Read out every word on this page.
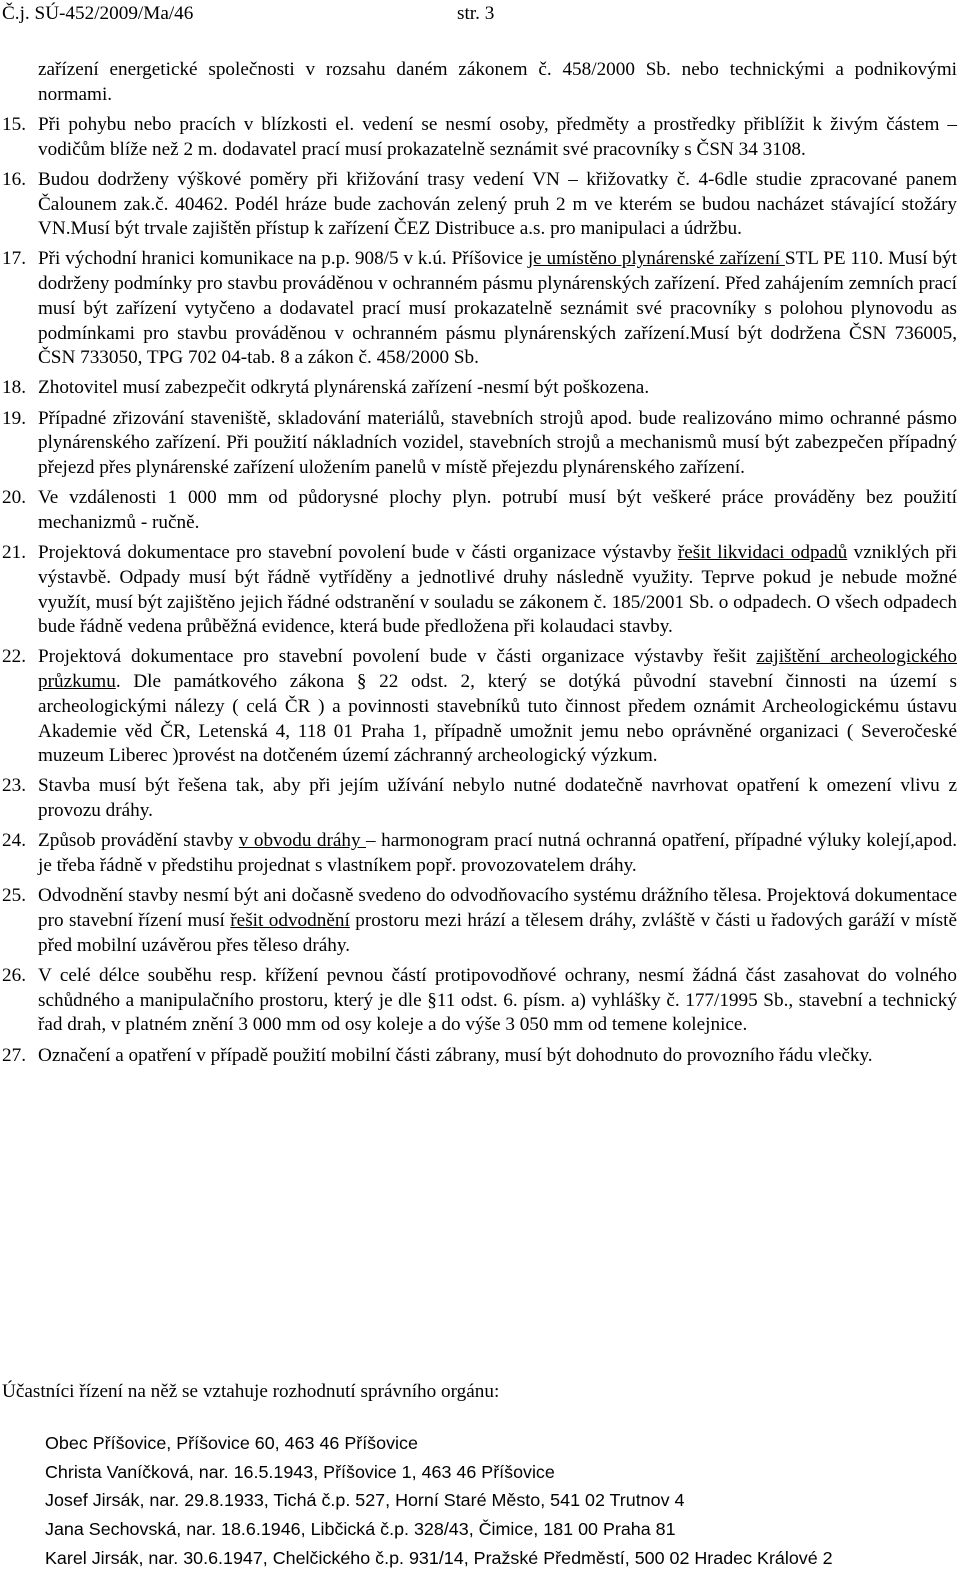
Č.j. SÚ-452/2009/Ma/46	str. 3
zařízení energetické společnosti v rozsahu daném zákonem č. 458/2000 Sb. nebo technickými a podnikovými normami.
15. Při pohybu nebo pracích v blízkosti el. vedení se nesmí osoby, předměty a prostředky přiblížit k živým částem – vodičům blíže než 2 m. dodavatel prací musí prokazatelně seznámit své pracovníky s ČSN 34 3108.
16. Budou dodrženy výškové poměry při křižování trasy vedení VN – křižovatky č. 4-6dle studie zpracované panem Čalounem zak.č. 40462. Podél hráze bude zachován zelený pruh 2 m ve kterém se budou nacházet stávající stožáry VN.Musí být trvale zajištěn přístup k zařízení ČEZ Distribuce a.s. pro manipulaci a údržbu.
17. Při východní hranici komunikace na p.p. 908/5 v k.ú. Příšovice je umístěno plynárenské zařízení STL PE 110. Musí být dodrženy podmínky pro stavbu prováděnou v ochranném pásmu plynárenských zařízení. Před zahájením zemních prací musí být zařízení vytyčeno a dodavatel prací musí prokazatelně seznámit své pracovníky s polohou plynovodu as podmínkami pro stavbu prováděnou v ochranném pásmu plynárenských zařízení.Musí být dodržena ČSN 736005, ČSN 733050, TPG 702 04-tab. 8 a zákon č. 458/2000 Sb.
18. Zhotovitel musí zabezpečit odkrytá plynárenská zařízení -nesmí být poškozena.
19. Případné zřizování staveniště, skladování materiálů, stavebních strojů apod. bude realizováno mimo ochranné pásmo plynárenského zařízení. Při použití nákladních vozidel, stavebních strojů a mechanismů musí být zabezpečen případný přejezd přes plynárenské zařízení uložením panelů v místě přejezdu plynárenského zařízení.
20. Ve vzdálenosti 1 000 mm od půdorysné plochy plyn. potrubí musí být veškeré práce prováděny bez použití mechanizmů - ručně.
21. Projektová dokumentace pro stavební povolení bude v části organizace výstavby řešit likvidaci odpadů vzniklých při výstavbě. Odpady musí být řádně vytříděny a jednotlivé druhy následně využity. Teprve pokud je nebude možné využít, musí být zajištěno jejich řádné odstranění v souladu se zákonem č. 185/2001 Sb. o odpadech. O všech odpadech bude řádně vedena průběžná evidence, která bude předložena při kolaudaci stavby.
22. Projektová dokumentace pro stavební povolení bude v části organizace výstavby řešit zajištění archeologického průzkumu. Dle památkového zákona § 22 odst. 2, který se dotýká původní stavební činnosti na území s archeologickými nálezy ( celá ČR ) a povinnosti stavebníků tuto činnost předem oznámit Archeologickému ústavu Akademie věd ČR, Letenská 4, 118 01 Praha 1, případně umožnit jemu nebo oprávněné organizaci ( Severočeské muzeum Liberec )provést na dotčeném území záchranný archeologický výzkum.
23. Stavba musí být řešena tak, aby při jejím užívání nebylo nutné dodatečně navrhovat opatření k omezení vlivu z provozu dráhy.
24. Způsob provádění stavby v obvodu dráhy – harmonogram prací nutná ochranná opatření, případné výluky kolejí,apod. je třeba řádně v předstihu projednat s vlastníkem popř. provozovatelem dráhy.
25. Odvodnění stavby nesmí být ani dočasně svedeno do odvodňovacího systému drážního tělesa. Projektová dokumentace pro stavební řízení musí řešit odvodnění prostoru mezi hrází a tělesem dráhy, zvláště v části u řadových garáží v místě před mobilní uzávěrou přes těleso dráhy.
26. V celé délce souběhu resp. křížení pevnou částí protipovodňové ochrany, nesmí žádná část zasahovat do volného schůdného a manipulačního prostoru, který je dle §11 odst. 6. písm. a) vyhlášky č. 177/1995 Sb., stavební a technický řad drah, v platném znění 3 000 mm od osy koleje a do výše 3 050 mm od temene kolejnice.
27. Označení a opatření v případě použití mobilní části zábrany, musí být dohodnuto do provozního řádu vlečky.
Účastníci řízení na něž se vztahuje rozhodnutí správního orgánu:
Obec Příšovice, Příšovice 60, 463 46 Příšovice
Christa Vaníčková, nar. 16.5.1943, Příšovice 1, 463 46 Příšovice
Josef Jirsák, nar. 29.8.1933, Tichá č.p. 527, Horní Staré Město, 541 02 Trutnov 4
Jana Sechovská, nar. 18.6.1946, Libčická č.p. 328/43, Čimice, 181 00 Praha 81
Karel Jirsák, nar. 30.6.1947, Chelčického č.p. 931/14, Pražské Předměstí, 500 02 Hradec Králové 2
